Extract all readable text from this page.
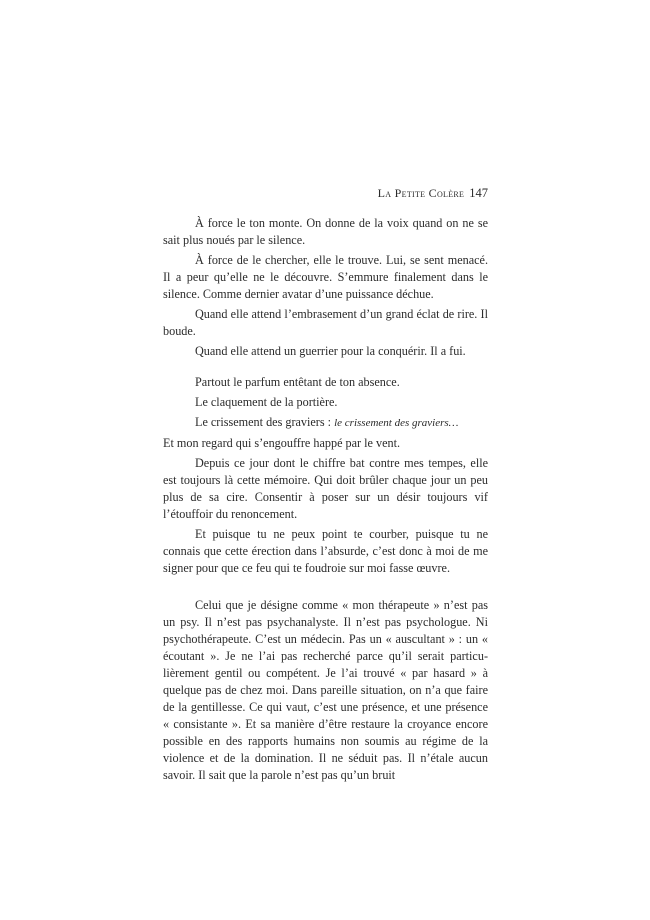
La Petite Colère 147

À force le ton monte. On donne de la voix quand on ne se sait plus noués par le silence.

À force de le chercher, elle le trouve. Lui, se sent menacé. Il a peur qu’elle ne le découvre. S’emmure finalement dans le silence. Comme dernier avatar d’une puissance déchue.

Quand elle attend l’embrasement d’un grand éclat de rire. Il boude.

Quand elle attend un guerrier pour la conquérir. Il a fui.

Partout le parfum entêtant de ton absence.

Le claquement de la portière.

Le crissement des graviers : le crissement des graviers…

Et mon regard qui s’engouffre happé par le vent.

Depuis ce jour dont le chiffre bat contre mes tempes, elle est toujours là cette mémoire. Qui doit brûler chaque jour un peu plus de sa cire. Consentir à poser sur un désir toujours vif l’étouffoir du renoncement.

Et puisque tu ne peux point te courber, puisque tu ne connais que cette érection dans l’absurde, c’est donc à moi de me signer pour que ce feu qui te foudroie sur moi fasse œuvre.

Celui que je désigne comme « mon thérapeute » n’est pas un psy. Il n’est pas psychanalyste. Il n’est pas psychologue. Ni psychothérapeute. C’est un médecin. Pas un « auscultant » : un « écoutant ». Je ne l’ai pas recherché parce qu’il serait particulièrement gentil ou compétent. Je l’ai trouvé « par hasard » à quelque pas de chez moi. Dans pareille situation, on n’a que faire de la gentillesse. Ce qui vaut, c’est une présence, et une présence « consistante ». Et sa manière d’être restaure la croyance encore possible en des rapports humains non soumis au régime de la violence et de la domination. Il ne séduit pas. Il n’étale aucun savoir. Il sait que la parole n’est pas qu’un bruit
